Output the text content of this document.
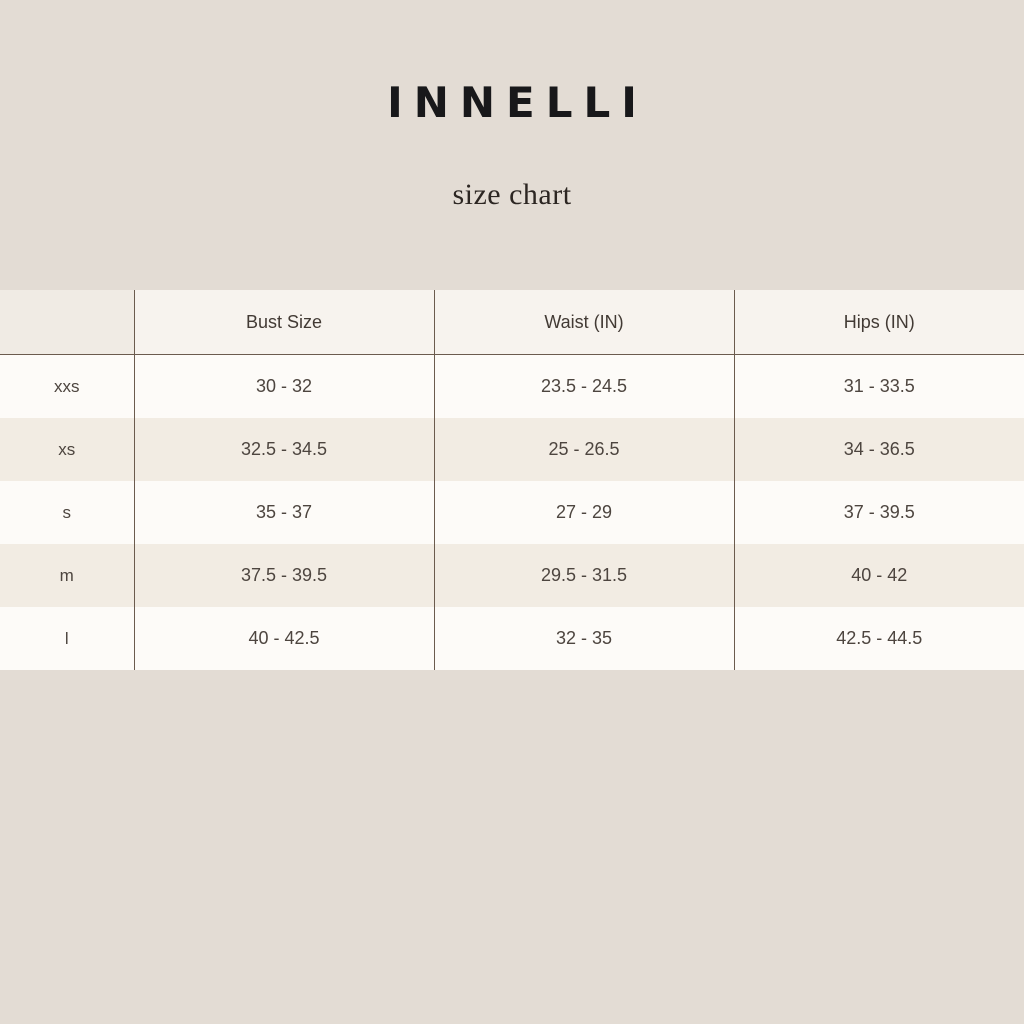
INNELLI
size chart
	Bust Size	Waist (IN)	Hips (IN)
xxs	30 - 32	23.5 - 24.5	31 - 33.5
xs	32.5 - 34.5	25 - 26.5	34 - 36.5
s	35 - 37	27 - 29	37 - 39.5
m	37.5 - 39.5	29.5 - 31.5	40 - 42
l	40 - 42.5	32 - 35	42.5 - 44.5
